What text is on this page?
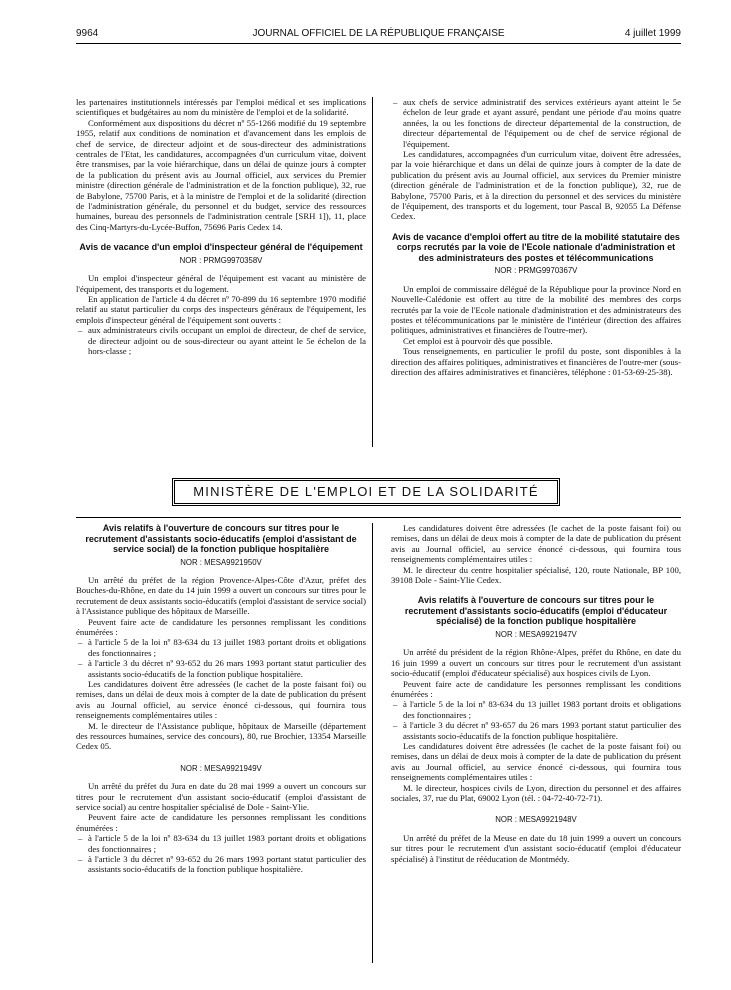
9964	JOURNAL OFFICIEL DE LA RÉPUBLIQUE FRANÇAISE	4 juillet 1999

les partenaires institutionnels intéressés par l'emploi médical et ses implications scientifiques et budgétaires au nom du ministère de l'emploi et de la solidarité.

Conformément aux dispositions du décret nº 55-1266 modifié du 19 septembre 1955, relatif aux conditions de nomination et d'avancement dans les emplois de chef de service, de directeur adjoint et de sous-directeur des administrations centrales de l'Etat, les candidatures, accompagnées d'un curriculum vitae, doivent être transmises, par la voie hiérarchique, dans un délai de quinze jours à compter de la publication du présent avis au Journal officiel, aux services du Premier ministre (direction générale de l'administration et de la fonction publique), 32, rue de Babylone, 75700 Paris, et à la ministre de l'emploi et de la solidarité (direction de l'administration générale, du personnel et du budget, service des ressources humaines, bureau des personnels de l'administration centrale [SRH 1]), 11, place des Cinq-Martyrs-du-Lycée-Buffon, 75696 Paris Cedex 14.

Avis de vacance d'un emploi d'inspecteur général de l'équipement
NOR : PRMG9970358V

Un emploi d'inspecteur général de l'équipement est vacant au ministère de l'équipement, des transports et du logement.

En application de l'article 4 du décret nº 70-899 du 16 septembre 1970 modifié relatif au statut particulier du corps des inspecteurs généraux de l'équipement, les emplois d'inspecteur général de l'équipement sont ouverts :

– aux administrateurs civils occupant un emploi de directeur, de chef de service, de directeur adjoint ou de sous-directeur ou ayant atteint le 5e échelon de la hors-classe ;

– aux chefs de service administratif des services extérieurs ayant atteint le 5e échelon de leur grade et ayant assuré, pendant une période d'au moins quatre années, la ou les fonctions de directeur départemental de la construction, de directeur départemental de l'équipement ou de chef de service régional de l'équipement.

Les candidatures, accompagnées d'un curriculum vitae, doivent être adressées, par la voie hiérarchique et dans un délai de quinze jours à compter de la date de publication du présent avis au Journal officiel, aux services du Premier ministre (direction générale de l'administration et de la fonction publique), 32, rue de Babylone, 75700 Paris, et à la direction du personnel et des services du ministère de l'équipement, des transports et du logement, tour Pascal B, 92055 La Défense Cedex.

Avis de vacance d'emploi offert au titre de la mobilité statutaire des corps recrutés par la voie de l'Ecole nationale d'administration et des administrateurs des postes et télécommunications
NOR : PRMG9970367V

Un emploi de commissaire délégué de la République pour la province Nord en Nouvelle-Calédonie est offert au titre de la mobilité des membres des corps recrutés par la voie de l'Ecole nationale d'administration et des administrateurs des postes et télécommunications par le ministère de l'intérieur (direction des affaires politiques, administratives et financières de l'outre-mer).

Cet emploi est à pourvoir dès que possible.

Tous renseignements, en particulier le profil du poste, sont disponibles à la direction des affaires politiques, administratives et financières de l'outre-mer (sous-direction des affaires administratives et financières, téléphone : 01-53-69-25-38).

MINISTÈRE DE L'EMPLOI ET DE LA SOLIDARITÉ
Avis relatifs à l'ouverture de concours sur titres pour le recrutement d'assistants socio-éducatifs (emploi d'assistant de service social) de la fonction publique hospitalière
NOR : MESA9921950V

Un arrêté du préfet de la région Provence-Alpes-Côte d'Azur, préfet des Bouches-du-Rhône, en date du 14 juin 1999 a ouvert un concours sur titres pour le recrutement de deux assistants socio-éducatifs (emploi d'assistant de service social) à l'Assistance publique des hôpitaux de Marseille.

Peuvent faire acte de candidature les personnes remplissant les conditions énumérées :

– à l'article 5 de la loi nº 83-634 du 13 juillet 1983 portant droits et obligations des fonctionnaires ;

– à l'article 3 du décret nº 93-652 du 26 mars 1993 portant statut particulier des assistants socio-éducatifs de la fonction publique hospitalière.

Les candidatures doivent être adressées (le cachet de la poste faisant foi) ou remises, dans un délai de deux mois à compter de la date de publication du présent avis au Journal officiel, au service énoncé ci-dessous, qui fournira tous renseignements complémentaires utiles :

M. le directeur de l'Assistance publique, hôpitaux de Marseille (département des ressources humaines, service des concours), 80, rue Brochier, 13354 Marseille Cedex 05.

NOR : MESA9921949V

Un arrêté du préfet du Jura en date du 28 mai 1999 a ouvert un concours sur titres pour le recrutement d'un assistant socio-éducatif (emploi d'assistant de service social) au centre hospitalier spécialisé de Dole - Saint-Ylie.

Peuvent faire acte de candidature les personnes remplissant les conditions énumérées :

– à l'article 5 de la loi nº 83-634 du 13 juillet 1983 portant droits et obligations des fonctionnaires ;

– à l'article 3 du décret nº 93-652 du 26 mars 1993 portant statut particulier des assistants socio-éducatifs de la fonction publique hospitalière.

Les candidatures doivent être adressées (le cachet de la poste faisant foi) ou remises, dans un délai de deux mois à compter de la date de publication du présent avis au Journal officiel, au service énoncé ci-dessous, qui fournira tous renseignements complémentaires utiles :

M. le directeur du centre hospitalier spécialisé, 120, route Nationale, BP 100, 39108 Dole - Saint-Ylie Cedex.

Avis relatifs à l'ouverture de concours sur titres pour le recrutement d'assistants socio-éducatifs (emploi d'éducateur spécialisé) de la fonction publique hospitalière
NOR : MESA9921947V

Un arrêté du président de la région Rhône-Alpes, préfet du Rhône, en date du 16 juin 1999 a ouvert un concours sur titres pour le recrutement d'un assistant socio-éducatif (emploi d'éducateur spécialisé) aux hospices civils de Lyon.

Peuvent faire acte de candidature les personnes remplissant les conditions énumérées :

– à l'article 5 de la loi nº 83-634 du 13 juillet 1983 portant droits et obligations des fonctionnaires ;

– à l'article 3 du décret nº 93-657 du 26 mars 1993 portant statut particulier des assistants socio-éducatifs de la fonction publique hospitalière.

Les candidatures doivent être adressées (le cachet de la poste faisant foi) ou remises, dans un délai de deux mois à compter de la date de publication du présent avis au Journal officiel, au service énoncé ci-dessous, qui fournira tous renseignements complémentaires utiles :

M. le directeur, hospices civils de Lyon, direction du personnel et des affaires sociales, 37, rue du Plat, 69002 Lyon (tél. : 04-72-40-72-71).

NOR : MESA9921948V

Un arrêté du préfet de la Meuse en date du 18 juin 1999 a ouvert un concours sur titres pour le recrutement d'un assistant socio-éducatif (emploi d'éducateur spécialisé) à l'institut de rééducation de Montmédy.
